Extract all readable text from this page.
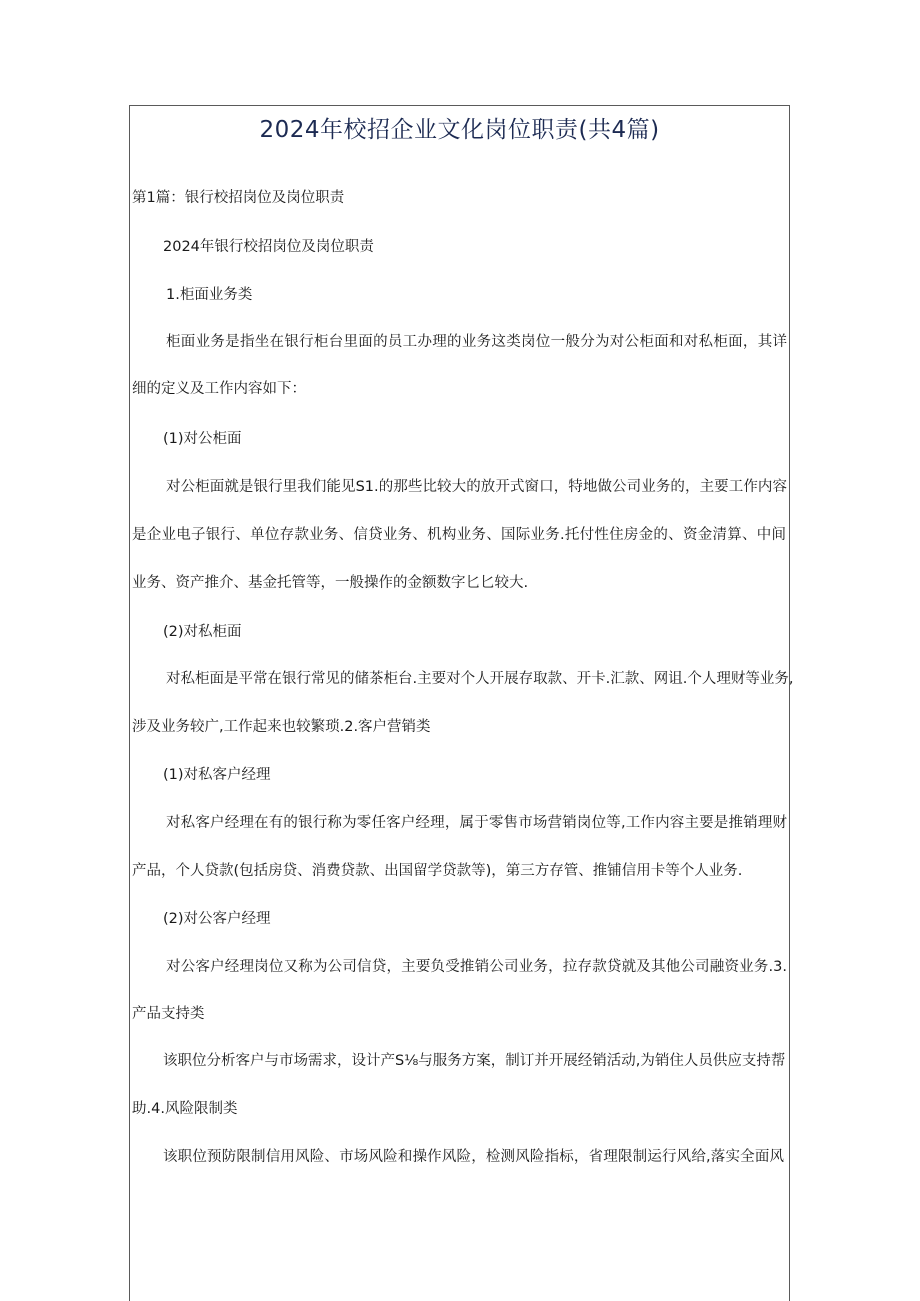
2024年校招企业文化岗位职责(共4篇)
第1篇：银行校招岗位及岗位职责
2024年银行校招岗位及岗位职责
1.柜面业务类
柜面业务是指坐在银行柜台里面的员工办理的业务这类岗位一般分为对公柜面和对私柜面，其详
细的定义及工作内容如下：
(1)对公柜面
对公柜面就是银行里我们能见S1.的那些比较大的放开式窗口，特地做公司业务的，主要工作内容
是企业电子银行、单位存款业务、信贷业务、机构业务、国际业务.托付性住房金的、资金清算、中间
业务、资产推介、基金托管等，一般操作的金额数字匕匕较大.
(2)对私柜面
对私柜面是平常在银行常见的储茶柜台.主要对个人开展存取款、开卡.汇款、网诅.个人理财等业务,
涉及业务较广,工作起来也较繁琐.2.客户营销类
(1)对私客户经理
对私客户经理在有的银行称为零任客户经理，属于零售市场营销岗位等,工作内容主要是推销理财
产品，个人贷款(包括房贷、消费贷款、出国留学贷款等)，第三方存管、推铺信用卡等个人业务.
(2)对公客户经理
对公客户经理岗位又称为公司信贷，主要负受推销公司业务，拉存款贷就及其他公司融资业务.3.
产品支持类
该职位分析客户与市场需求，设计产S⅛与服务方案，制订并开展经销活动,为销住人员供应支持帮
助.4.风险限制类
该职位预防限制信用风险、市场风险和操作风险，检测风险指标，省理限制运行风给,落实全面风
